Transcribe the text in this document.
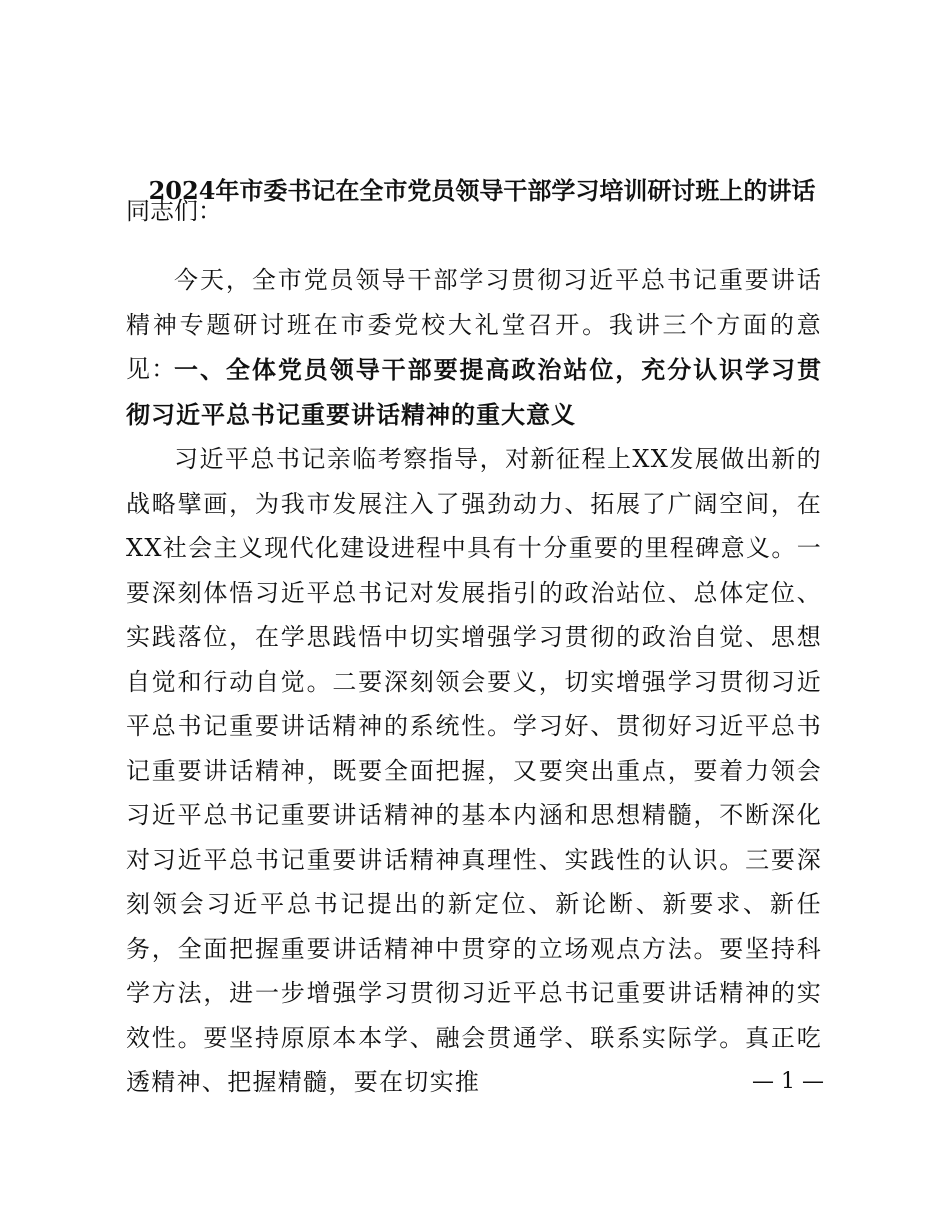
2024年市委书记在全市党员领导干部学习培训研讨班上的讲话
同志们：
今天，全市党员领导干部学习贯彻习近平总书记重要讲话精神专题研讨班在市委党校大礼堂召开。我讲三个方面的意见：
一、全体党员领导干部要提高政治站位，充分认识学习贯彻习近平总书记重要讲话精神的重大意义
习近平总书记亲临考察指导，对新征程上XX发展做出新的战略擘画，为我市发展注入了强劲动力、拓展了广阔空间，在XX社会主义现代化建设进程中具有十分重要的里程碑意义。一要深刻体悟习近平总书记对发展指引的政治站位、总体定位、实践落位，在学思践悟中切实增强学习贯彻的政治自觉、思想自觉和行动自觉。二要深刻领会要义，切实增强学习贯彻习近平总书记重要讲话精神的系统性。学习好、贯彻好习近平总书记重要讲话精神，既要全面把握，又要突出重点，要着力领会习近平总书记重要讲话精神的基本内涵和思想精髓，不断深化对习近平总书记重要讲话精神真理性、实践性的认识。三要深刻领会习近平总书记提出的新定位、新论断、新要求、新任务，全面把握重要讲话精神中贯穿的立场观点方法。要坚持科学方法，进一步增强学习贯彻习近平总书记重要讲话精神的实效性。要坚持原原本本学、融会贯通学、联系实际学。真正吃透精神、把握精髓，要在切实推	— 1 —
